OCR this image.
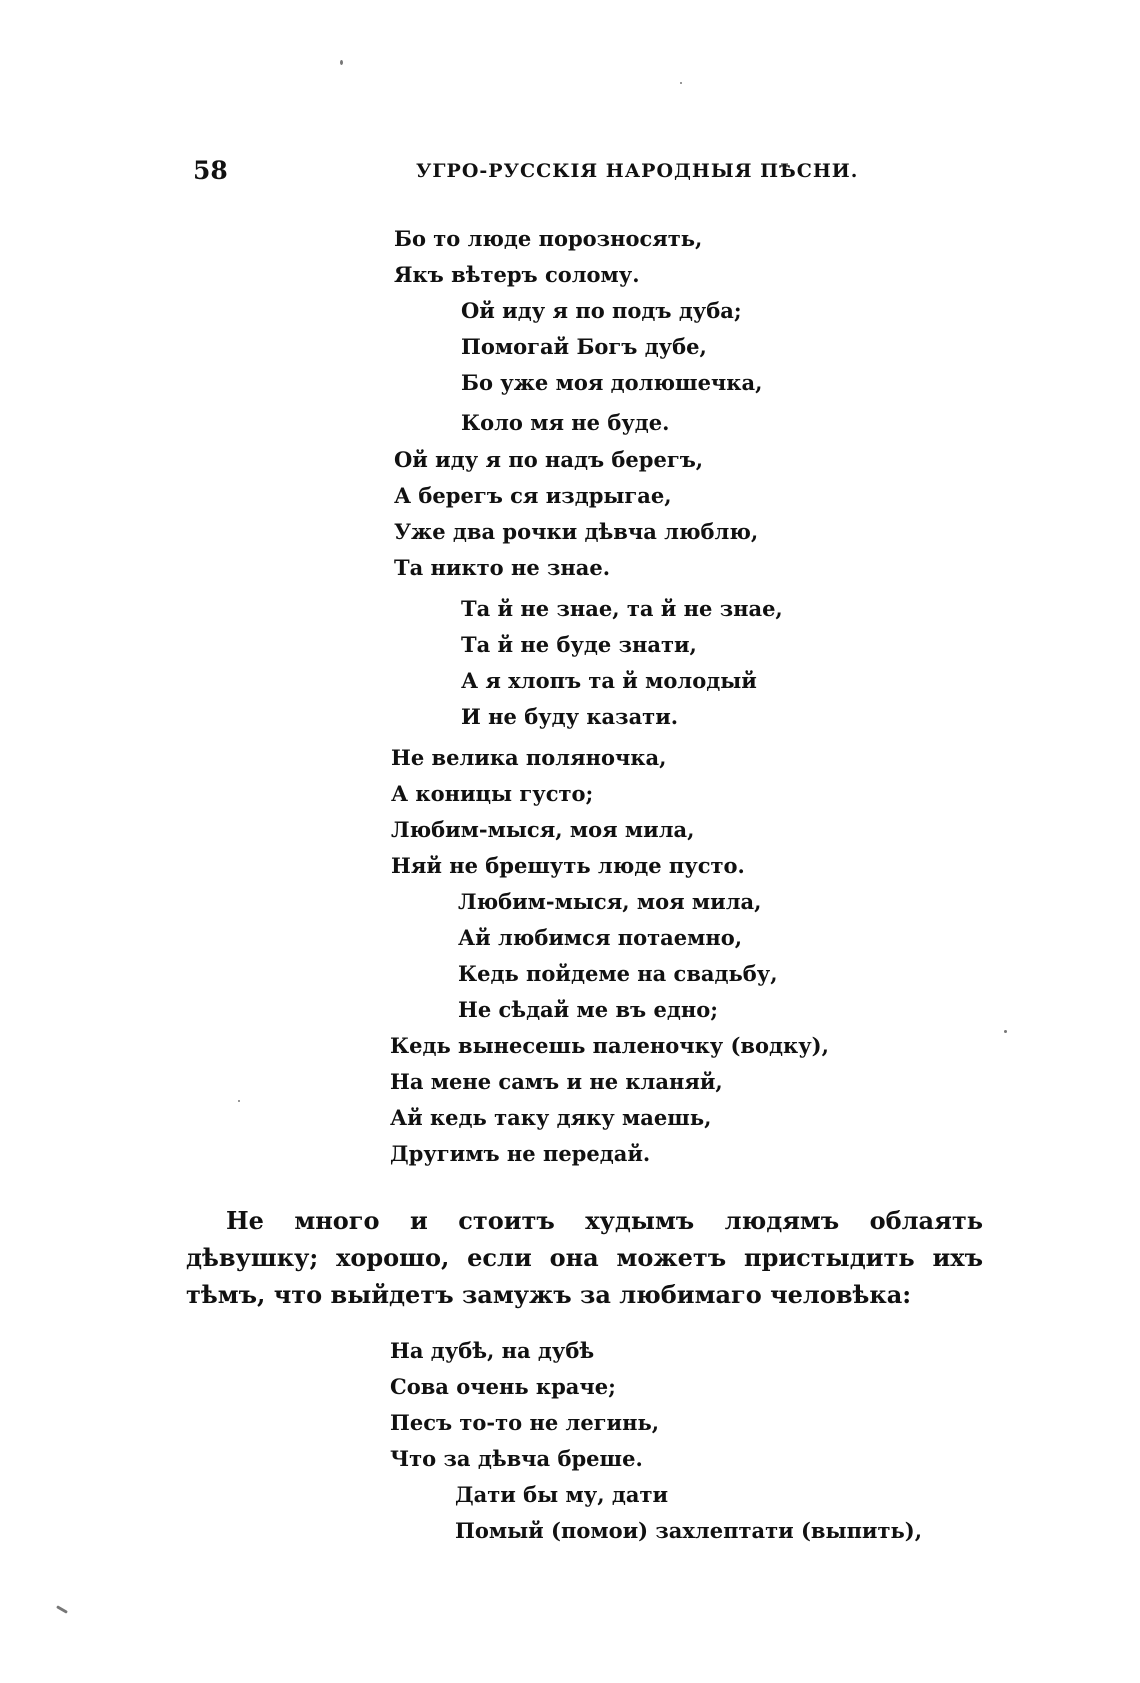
58	УГРО-РУССКІЯ НАРОДНЫЯ ПѢСНИ.
Бо то люде порозносять,
Якъ вѣтеръ солому.
Ой иду я по подъ дуба;
Помогай Богъ дубе,
Бо уже моя долюшечка,
Коло мя не буде.
Ой иду я по надъ берегъ,
А берегъ ся издрыгае,
Уже два рочки дѣвча люблю,
Та никто не знае.
Та й не знае, та й не знае,
Та й не буде знати,
А я хлопъ та й молодый
И не буду казати.
Не велика поляночка,
А коницы густо;
Любим-мыся, моя мила,
Няй не брешуть люде пусто.
Любим-мыся, моя мила,
Ай любимся потаемно,
Кедь пойдеме на свадьбу,
Не сѣдай ме въ едно;
Кедь вынесешь паленочку (водку),
На мене самъ и не кланяй,
Ай кедь таку дяку маешь,
Другимъ не передай.

Не много и стоитъ худымъ людямъ облаять дѣвушку; хорошо, если она можетъ пристыдить ихъ тѣмъ, что выйдетъ замужъ за любимаго человѣка:

На дубѣ, на дубѣ
Сова очень краче;
Песъ то-то не легинь,
Что за дѣвча бреше.
Дати бы му, дати
Помый (помои) захлептати (выпить),
